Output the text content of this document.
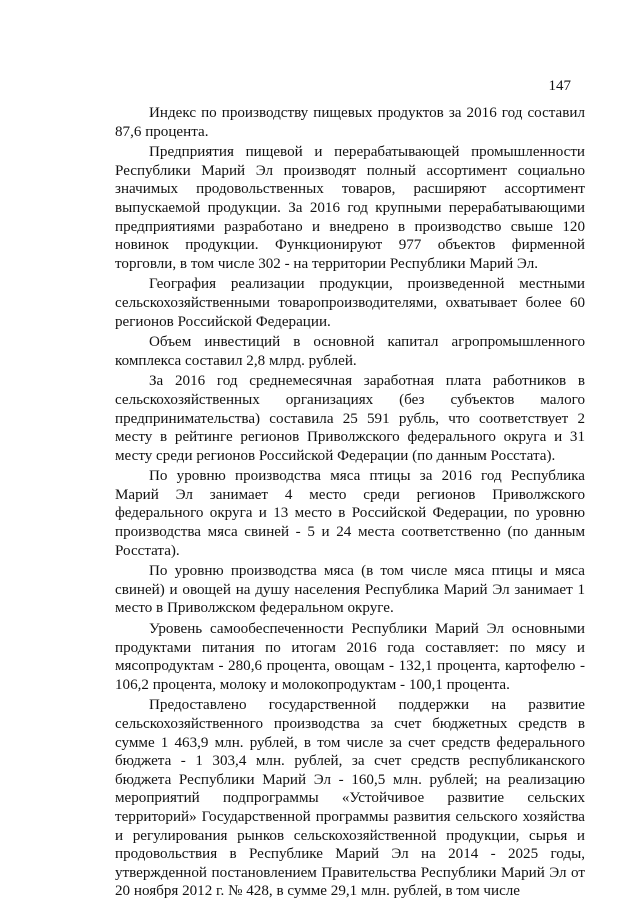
147

Индекс по производству пищевых продуктов за 2016 год составил 87,6 процента.

Предприятия пищевой и перерабатывающей промышленности Республики Марий Эл производят полный ассортимент социально значимых продовольственных товаров, расширяют ассортимент выпускаемой продукции. За 2016 год крупными перерабатывающими предприятиями разработано и внедрено в производство свыше 120 новинок продукции. Функционируют 977 объектов фирменной торговли, в том числе 302 - на территории Республики Марий Эл.

География реализации продукции, произведенной местными сельскохозяйственными товаропроизводителями, охватывает более 60 регионов Российской Федерации.

Объем инвестиций в основной капитал агропромышленного комплекса составил 2,8 млрд. рублей.

За 2016 год среднемесячная заработная плата работников в сельскохозяйственных организациях (без субъектов малого предпринимательства) составила 25 591 рубль, что соответствует 2 месту в рейтинге регионов Приволжского федерального округа и 31 месту среди регионов Российской Федерации (по данным Росстата).

По уровню производства мяса птицы за 2016 год Республика Марий Эл занимает 4 место среди регионов Приволжского федерального округа и 13 место в Российской Федерации, по уровню производства мяса свиней - 5 и 24 места соответственно (по данным Росстата).

По уровню производства мяса (в том числе мяса птицы и мяса свиней) и овощей на душу населения Республика Марий Эл занимает 1 место в Приволжском федеральном округе.

Уровень самообеспеченности Республики Марий Эл основными продуктами питания по итогам 2016 года составляет: по мясу и мясопродуктам - 280,6 процента, овощам - 132,1 процента, картофелю - 106,2 процента, молоку и молокопродуктам - 100,1 процента.

Предоставлено государственной поддержки на развитие сельскохозяйственного производства за счет бюджетных средств в сумме 1 463,9 млн. рублей, в том числе за счет средств федерального бюджета - 1 303,4 млн. рублей, за счет средств республиканского бюджета Республики Марий Эл - 160,5 млн. рублей; на реализацию мероприятий подпрограммы «Устойчивое развитие сельских территорий» Государственной программы развития сельского хозяйства и регулирования рынков сельскохозяйственной продукции, сырья и продовольствия в Республике Марий Эл на 2014 - 2025 годы, утвержденной постановлением Правительства Республики Марий Эл от 20 ноября 2012 г. № 428, в сумме 29,1 млн. рублей, в том числе
